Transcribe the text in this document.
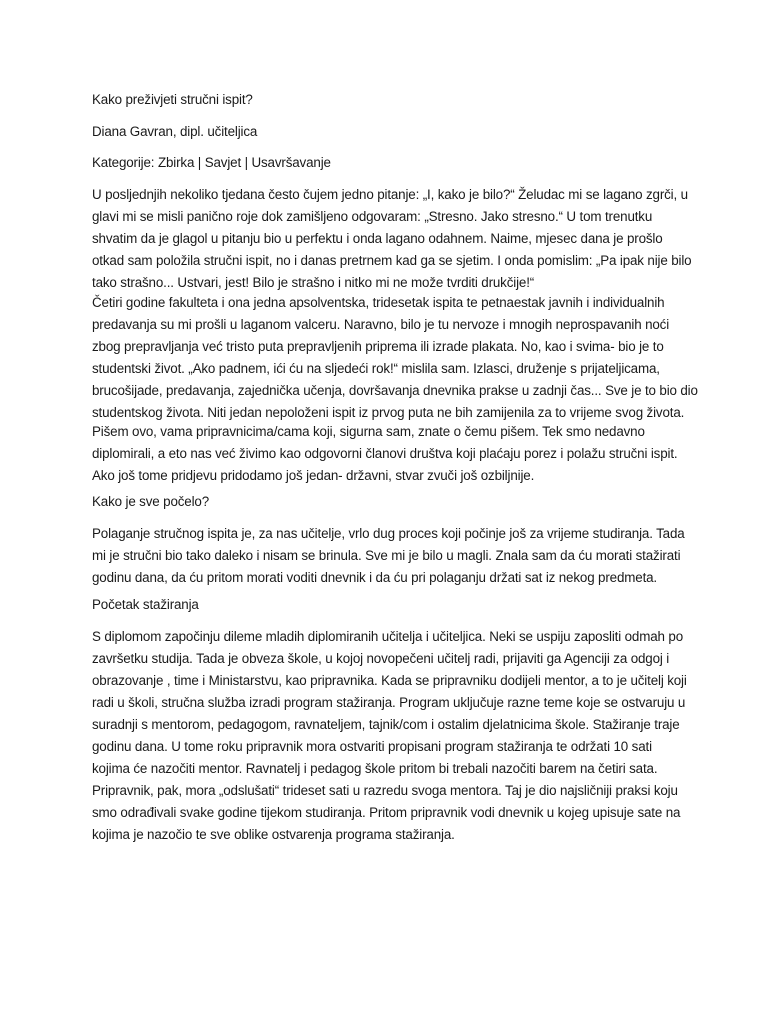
Kako preživjeti stručni ispit?
Diana Gavran, dipl. učiteljica
Kategorije: Zbirka | Savjet | Usavršavanje
U posljednjih nekoliko tjedana često čujem jedno pitanje: „I, kako je bilo?“ Želudac mi se lagano zgrči, u
glavi mi se misli panično roje dok zamišljeno odgovaram: „Stresno. Jako stresno.“ U tom trenutku
shvatim da je glagol u pitanju bio u perfektu i onda lagano odahnem. Naime, mjesec dana je prošlo
otkad sam položila stručni ispit, no i danas pretrnem kad ga se sjetim. I onda pomislim: „Pa ipak nije bilo
tako strašno... Ustvari, jest! Bilo je strašno i nitko mi ne može tvrditi drukčije!“
Četiri godine fakulteta i ona jedna apsolventska, tridesetak ispita te petnaestak javnih i individualnih
predavanja su mi prošli u laganom valceru. Naravno, bilo je tu nervoze i mnogih neprospavanih noći
zbog prepravljanja već tristo puta prepravljenih priprema ili izrade plakata. No, kao i svima- bio je to
studentski život. „Ako padnem, ići ću na sljedeći rok!“ mislila sam. Izlasci, druženje s prijateljicama,
brucošijade, predavanja, zajednička učenja, dovršavanja dnevnika prakse u zadnji čas... Sve je to bio dio
studentskog života. Niti jedan nepoloženi ispit iz prvog puta ne bih zamijenila za to vrijeme svog života.
Pišem ovo, vama pripravnicima/cama koji, sigurna sam, znate o čemu pišem. Tek smo nedavno
diplomirali, a eto nas već živimo kao odgovorni članovi društva koji plaćaju porez i polažu stručni ispit.
Ako još tome pridjevu pridodamo još jedan- državni, stvar zvuči još ozbiljnije.
Kako je sve počelo?
Polaganje stručnog ispita je, za nas učitelje, vrlo dug proces koji počinje još za vrijeme studiranja. Tada
mi je stručni bio tako daleko i nisam se brinula. Sve mi je bilo u magli. Znala sam da ću morati stažirati
godinu dana, da ću pritom morati voditi dnevnik i da ću pri polaganju držati sat iz nekog predmeta.
Početak stažiranja
S diplomom započinju dileme mladih diplomiranih učitelja i učiteljica. Neki se uspiju zaposliti odmah po
završetku studija. Tada je obveza škole, u kojoj novopečeni učitelj radi, prijaviti ga Agenciji za odgoj i
obrazovanje , time i Ministarstvu, kao pripravnika. Kada se pripravniku dodijeli mentor, a to je učitelj koji
radi u školi, stručna služba izradi program stažiranja. Program uključuje razne teme koje se ostvaruju u
suradnji s mentorom, pedagogom, ravnateljem, tajnik/com i ostalim djelatnicima škole. Stažiranje traje
godinu dana. U tome roku pripravnik mora ostvariti propisani program stažiranja te održati 10 sati
kojima će nazočiti mentor. Ravnatelj i pedagog škole pritom bi trebali nazočiti barem na četiri sata.
Pripravnik, pak, mora „odslušati“ trideset sati u razredu svoga mentora. Taj je dio najsličniji praksi koju
smo odrađivali svake godine tijekom studiranja. Pritom pripravnik vodi dnevnik u kojeg upisuje sate na
kojima je nazočio te sve oblike ostvarenja programa stažiranja.
